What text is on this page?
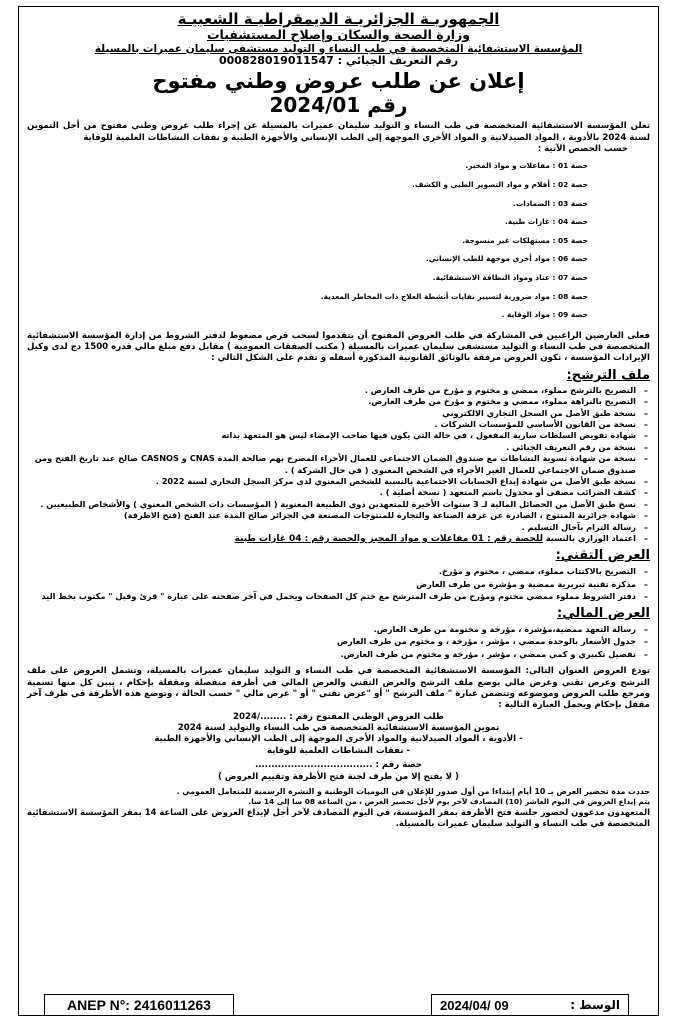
الجمهوريـة الجزائريـة الديمقراطيـة الشعبيـة
وزارة الصحة والسكان وإصلاح المستشفيات
المؤسسة الاستشفائية المتخصصة في طب النساء و التوليد مستشفى سليمان عميرات بالمسيلة
رقم التعريف الجبائي : 000828019011547
إعلان عن طلب عروض وطني مفتوح
رقم 2024/01

تعلن المؤسسة الاستشفائية المتخصصة في طب النساء و التوليد سليمان عميرات بالمسيلة عن إجراء طلب عروض وطني مفتوح من أجل التموين لسنة 2024 بالأدوية ، المواد الصيدلانية و المواد الأخرى الموجهة إلى الطب الإنساني والأجهزة الطبية و نفقات النشاطات العلمية للوقاية

حسب الحصص الآتية :

حصة 01 : مفاعلات و مواد المخبر. –
حصة 02 : أفلام و مواد التصوير الطبي و الكشف. –
حصة 03 : الضمادات. –
حصة 04 : غازات طبية. –
حصة 05 : مستهلكات غير منسوجة. –
حصة 06 : مواد أخرى موجهة للطب الإنساني. –
حصة 07 : عتاد ومواد النظافة الاستشفائية. –
حصة 08 : مواد ضرورية لتسيير نفايات أنشطة العلاج ذات المخاطر المعدية. –
حصة 09 : مواد الوقاية . –

فعلى العارضين الراغبين في المشاركة في طلب العروض المفتوح أن يتقدموا لسحب قرص مضغوط لدفتر الشروط من إدارة المؤسسة الاستشفائية المتخصصة في طب النساء و التوليد مستشفى سليمان عميرات بالمسيلة ( مكتب الصفقات العمومية ) مقابل دفع مبلغ مالي قدره 1500 دج لدى وكيل الإيرادات المؤسسة ، تكون العروض مرفقة بالوثائق القانونية المذكورة أسفله و تقدم على الشكل التالي :

ملف الترشح:
– التصريح بالترشح مملوء، ممضي و مختوم و مؤرخ من طرف العارض .
– التصريح بالنزاهة مملوء، ممضي و مختوم و مؤرخ من طرف العارض.
– نسخة طبق الأصل من السجل التجاري الالكتروني
– نسخة من القانون الأساسي للمؤسسات الشركات .
– شهادة تفويض السلطات سارية المفعول ، في حالة التي يكون فيها صاحب الإمضاء ليس هو المتعهد بذاته
– نسخة من رقم التعريف الجبائي .
– نسخة من شهادة تسوية النشاطات مع صندوق الضمان الاجتماعي للعمال الأجراء المصرح بهم صالحة المدة CNAS و CASNOS صالح عند تاريخ الفتح ومن صندوق ضمان الاجتماعي للعمال الغير الأجراء في الشخص المعنوي ( في حال الشركة ) .
– نسخة طبق الأصل من شهادة إيداع الحسابات الاجتماعية بالنسبة للشخص المعنوي لدى مركز السجل التجاري لسنة 2022 .
– كشف الضرائب مصفى أو مجدول باسم المتعهد ( نسخة أصلية ) .
– نسخ طبق الأصل من الحصائل المالية لـ 3 سنوات الأخيرة للمتعهدين ذوي الطبيعة المعنوية ( المؤسسات ذات الشخص المعنوي ) والأشخاص الطبيعيين .
– شهادة جزائرية المنتوج ، الصادرة عن غرفة الصناعة والتجارة للمنتوجات المصنعة في الجزائر صالح المدة عند الفتح (فتح الاظرفة)
– رسالة التزام بآجال التسليم .
– اعتماد الوزاري بالنسبة للحصة رقم : 01 مفاعلات و مواد المخبر والحصة رقم : 04 غازات طبية
العرض التقني:
– التصريح بالاكتتاب مملوء، ممضي ، مختوم و مؤرخ.
– مذكرة تقنية تبريرية ممضية و مؤشرة من طرف العارض
– دفتر الشروط مملوء ممضي مختوم ومؤرخ من طرف المترشح مع ختم كل الصفحات ويحمل في آخر صفحته على عبارة " قرئ وقبل " مكتوب بخط اليد
العرض المالي:
– رسالة التعهد ممضية،مؤشرة ، مؤرخة و مختومة من طرف العارض.
– جدول الأسعار بالوحدة ممضي ، مؤشر ، مؤرخة ، و مختوم من طرف العارض
– تفصيل تكبيري و كمي ممضي ، مؤشر ، مؤرخة و مختوم من طرف العارض.

تودع العروض العنوان التالي: المؤسسة الاستشفائية المتخصصة في طب النساء و التوليد سليمان عميرات بالمسيلة، وتشمل العروض على ملف الترشح وعرض تقني وعرض مالي يوضع ملف الترشح والعرض التقني والعرض المالي في أظرفة منفصلة ومقفلة بإحكام ، يبين كل منها تسمية ومرجع طلب العروض وموضوعه وتتضمن عبارة " ملف الترشح " أو "عرض تقني " أو " عرض مالي " حسب الحالة ، وتوضع هذه الأظرفة في ظرف آخر مقفل بإحكام ويحمل العبارة التالية :

طلب العروض الوطني المفتوح رقم : ......../2024
تموين المؤسسة الاستشفائية المتخصصة في طب النساء والتوليد لسنة 2024
- الأدوية ، المواد الصيدلانية والمواد الأخرى الموجهة إلى الطب الإنساني والأجهزة الطبية
- نفقات النشاطات العلمية للوقاية
حصة رقم : ....................................
( لا يفتح إلا من طرف لجنة فتح الأظرفة وتقييم العروض )

حددت مدة تحضير العرض بـ 10 أيام إبتداءا من أول صدور للإعلان في اليوميات الوطنية و النشرة الرسمية للمتعامل العمومي .

يتم إيداع العروض في اليوم العاشر (10) المصادف لآخر يوم لأجل تحضير العرض ، من الساعة 08 سا إلى 14 سا.

المتعهدون مدعوون لحضور جلسة فتح الأظرفة بمقر المؤسسة، في اليوم المصادف لآخر أجل لإيداع العروض على الساعة 14 بمقر المؤسسة الاستشفائية المتخصصة في طب النساء و التوليد سليمان عميرات بالمسيلة.

ANEP N°: 2416011263	الوسط :
2024/04/ 09
